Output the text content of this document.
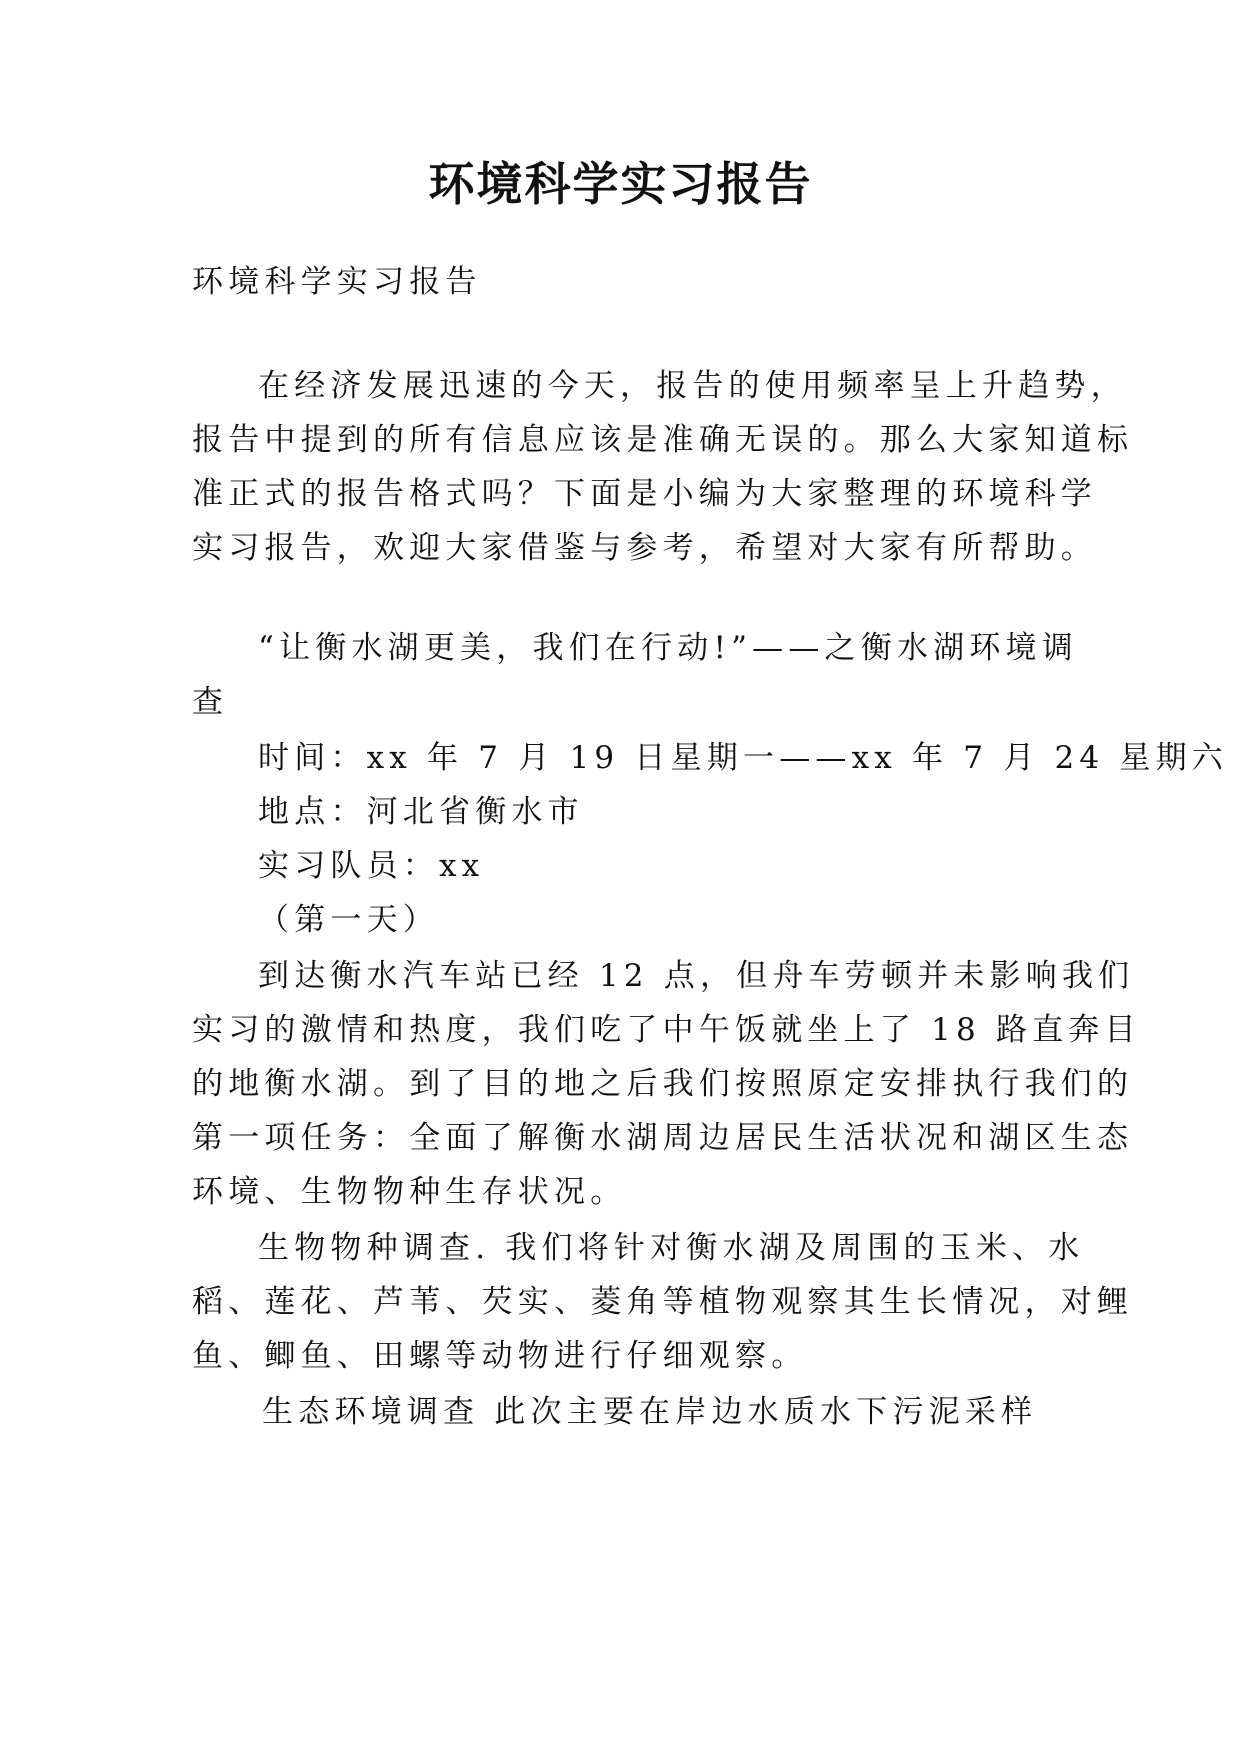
环境科学实习报告
环境科学实习报告
在经济发展迅速的今天，报告的使用频率呈上升趋势，
报告中提到的所有信息应该是准确无误的。那么大家知道标
准正式的报告格式吗？下面是小编为大家整理的环境科学
实习报告，欢迎大家借鉴与参考，希望对大家有所帮助。
“让衡水湖更美，我们在行动!”——之衡水湖环境调
查
时间：xx 年 7 月 19 日星期一——xx 年 7 月 24 星期六
地点：河北省衡水市
实习队员：xx
（第一天）
到达衡水汽车站已经 12 点，但舟车劳顿并未影响我们
实习的激情和热度，我们吃了中午饭就坐上了 18 路直奔目
的地衡水湖。到了目的地之后我们按照原定安排执行我们的
第一项任务：全面了解衡水湖周边居民生活状况和湖区生态
环境、生物物种生存状况。
生物物种调查. 我们将针对衡水湖及周围的玉米、水
稻、莲花、芦苇、芡实、菱角等植物观察其生长情况，对鲤
鱼、鲫鱼、田螺等动物进行仔细观察。
生态环境调查 此次主要在岸边水质水下污泥采样
